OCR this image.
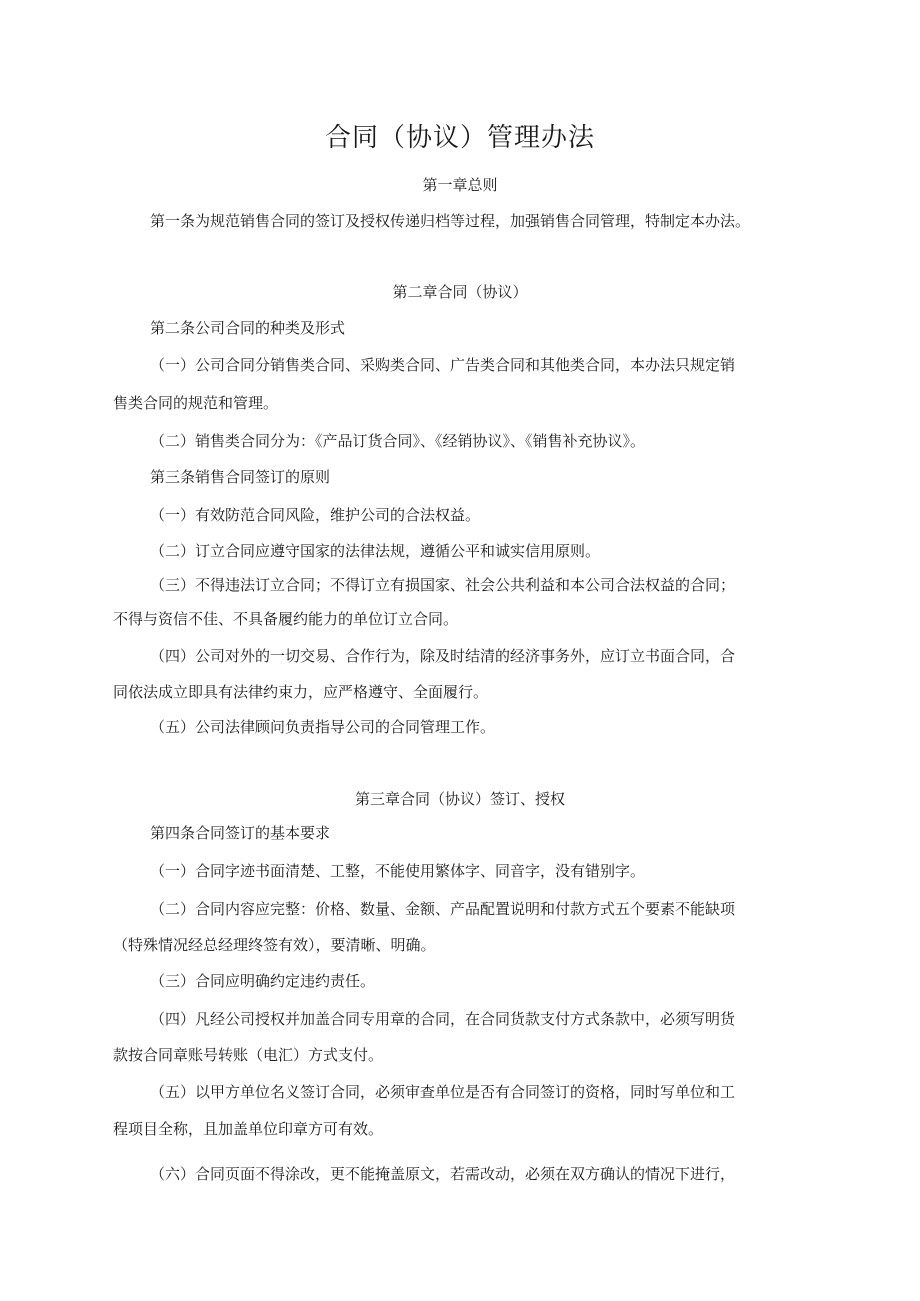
合同（协议）管理办法
第一章总则
第一条为规范销售合同的签订及授权传递归档等过程，加强销售合同管理，特制定本办法。
第二章合同（协议）
第二条公司合同的种类及形式
（一）公司合同分销售类合同、采购类合同、广告类合同和其他类合同，本办法只规定销
售类合同的规范和管理。
（二）销售类合同分为：《产品订货合同》、《经销协议》、《销售补充协议》。
第三条销售合同签订的原则
（一）有效防范合同风险，维护公司的合法权益。
（二）订立合同应遵守国家的法律法规，遵循公平和诚实信用原则。
（三）不得违法订立合同；不得订立有损国家、社会公共利益和本公司合法权益的合同；
不得与资信不佳、不具备履约能力的单位订立合同。
（四）公司对外的一切交易、合作行为，除及时结清的经济事务外，应订立书面合同，合
同依法成立即具有法律约束力，应严格遵守、全面履行。
（五）公司法律顾问负责指导公司的合同管理工作。
第三章合同（协议）签订、授权
第四条合同签订的基本要求
（一）合同字迹书面清楚、工整，不能使用繁体字、同音字，没有错别字。
（二）合同内容应完整：价格、数量、金额、产品配置说明和付款方式五个要素不能缺项
（特殊情况经总经理终签有效），要清晰、明确。
（三）合同应明确约定违约责任。
（四）凡经公司授权并加盖合同专用章的合同，在合同货款支付方式条款中，必须写明货
款按合同章账号转账（电汇）方式支付。
（五）以甲方单位名义签订合同，必须审查单位是否有合同签订的资格，同时写单位和工
程项目全称，且加盖单位印章方可有效。
（六）合同页面不得涂改，更不能掩盖原文，若需改动，必须在双方确认的情况下进行，
